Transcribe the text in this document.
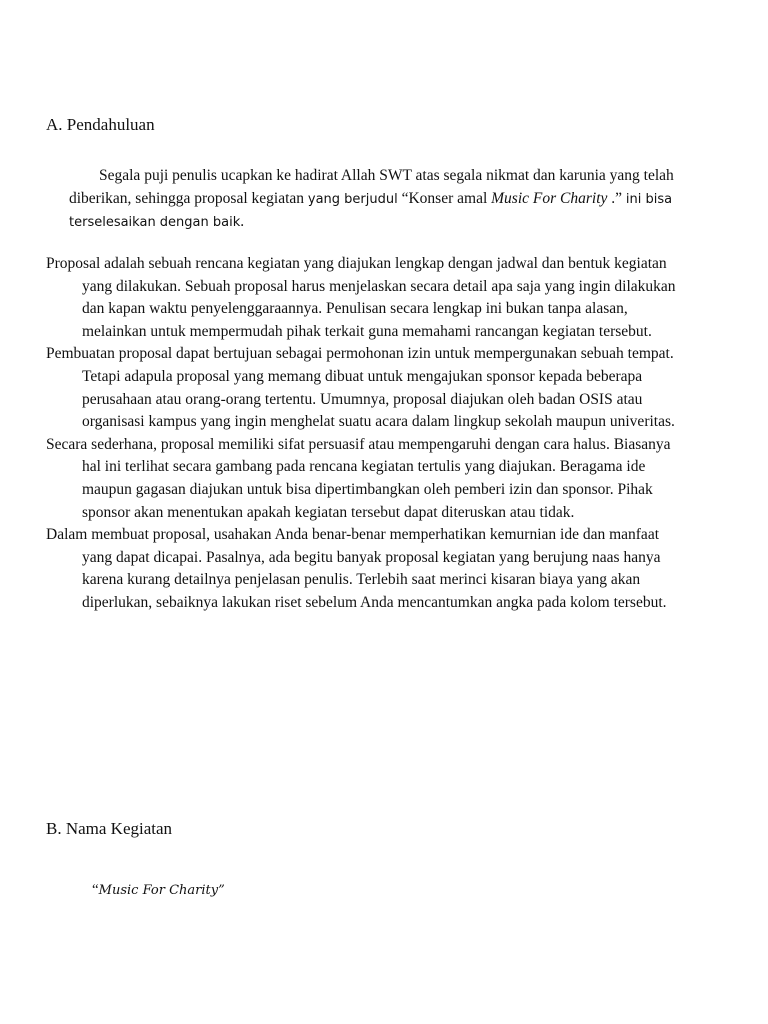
A. Pendahuluan

Segala puji penulis ucapkan ke hadirat Allah SWT atas segala nikmat dan karunia yang telah diberikan, sehingga proposal kegiatan yang berjudul “Konser amal Music For Charity .” ini bisa terselesaikan dengan baik.

Proposal adalah sebuah rencana kegiatan yang diajukan lengkap dengan jadwal dan bentuk kegiatan yang dilakukan. Sebuah proposal harus menjelaskan secara detail apa saja yang ingin dilakukan dan kapan waktu penyelenggaraannya. Penulisan secara lengkap ini bukan tanpa alasan, melainkan untuk mempermudah pihak terkait guna memahami rancangan kegiatan tersebut.

Pembuatan proposal dapat bertujuan sebagai permohonan izin untuk mempergunakan sebuah tempat. Tetapi adapula proposal yang memang dibuat untuk mengajukan sponsor kepada beberapa perusahaan atau orang-orang tertentu. Umumnya, proposal diajukan oleh badan OSIS atau organisasi kampus yang ingin menghelat suatu acara dalam lingkup sekolah maupun univeritas.

Secara sederhana, proposal memiliki sifat persuasif atau mempengaruhi dengan cara halus. Biasanya hal ini terlihat secara gambang pada rencana kegiatan tertulis yang diajukan. Beragama ide maupun gagasan diajukan untuk bisa dipertimbangkan oleh pemberi izin dan sponsor. Pihak sponsor akan menentukan apakah kegiatan tersebut dapat diteruskan atau tidak.

Dalam membuat proposal, usahakan Anda benar-benar memperhatikan kemurnian ide dan manfaat yang dapat dicapai. Pasalnya, ada begitu banyak proposal kegiatan yang berujung naas hanya karena kurang detailnya penjelasan penulis. Terlebih saat merinci kisaran biaya yang akan diperlukan, sebaiknya lakukan riset sebelum Anda mencantumkan angka pada kolom tersebut.

B. Nama Kegiatan
“Music For Charity”
